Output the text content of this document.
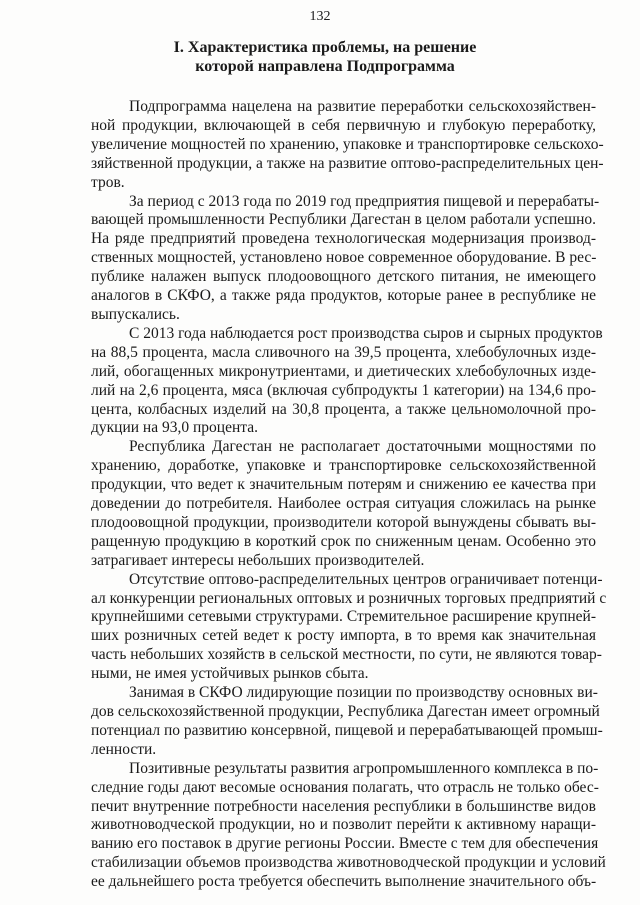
132
I. Характеристика проблемы, на решение
которой направлена Подпрограмма
Подпрограмма нацелена на развитие переработки сельскохозяйствен-
ной продукции, включающей в себя первичную и глубокую переработку,
увеличение мощностей по хранению, упаковке и транспортировке сельскохо-
зяйственной продукции, а также на развитие оптово-распределительных цен-
тров.
За период с 2013 года по 2019 год предприятия пищевой и перерабаты-
вающей промышленности Республики Дагестан в целом работали успешно.
На ряде предприятий проведена технологическая модернизация производ-
ственных мощностей, установлено новое современное оборудование. В рес-
публике налажен выпуск плодоовощного детского питания, не имеющего
аналогов в СКФО, а также ряда продуктов, которые ранее в республике не
выпускались.
С 2013 года наблюдается рост производства сыров и сырных продуктов
на 88,5 процента, масла сливочного на 39,5 процента, хлебобулочных изде-
лий, обогащенных микронутриентами, и диетических хлебобулочных изде-
лий на 2,6 процента, мяса (включая субпродукты 1 категории) на 134,6 про-
цента, колбасных изделий на 30,8 процента, а также цельномолочной про-
дукции на 93,0 процента.
Республика Дагестан не располагает достаточными мощностями по
хранению, доработке, упаковке и транспортировке сельскохозяйственной
продукции, что ведет к значительным потерям и снижению ее качества при
доведении до потребителя. Наиболее острая ситуация сложилась на рынке
плодоовощной продукции, производители которой вынуждены сбывать вы-
ращенную продукцию в короткий срок по сниженным ценам. Особенно это
затрагивает интересы небольших производителей.
Отсутствие оптово-распределительных центров ограничивает потенци-
ал конкуренции региональных оптовых и розничных торговых предприятий с
крупнейшими сетевыми структурами. Стремительное расширение крупней-
ших розничных сетей ведет к росту импорта, в то время как значительная
часть небольших хозяйств в сельской местности, по сути, не являются товар-
ными, не имея устойчивых рынков сбыта.
Занимая в СКФО лидирующие позиции по производству основных ви-
дов сельскохозяйственной продукции, Республика Дагестан имеет огромный
потенциал по развитию консервной, пищевой и перерабатывающей промыш-
ленности.
Позитивные результаты развития агропромышленного комплекса в по-
следние годы дают весомые основания полагать, что отрасль не только обес-
печит внутренние потребности населения республики в большинстве видов
животноводческой продукции, но и позволит перейти к активному наращи-
ванию его поставок в другие регионы России. Вместе с тем для обеспечения
стабилизации объемов производства животноводческой продукции и условий
ее дальнейшего роста требуется обеспечить выполнение значительного объ-
